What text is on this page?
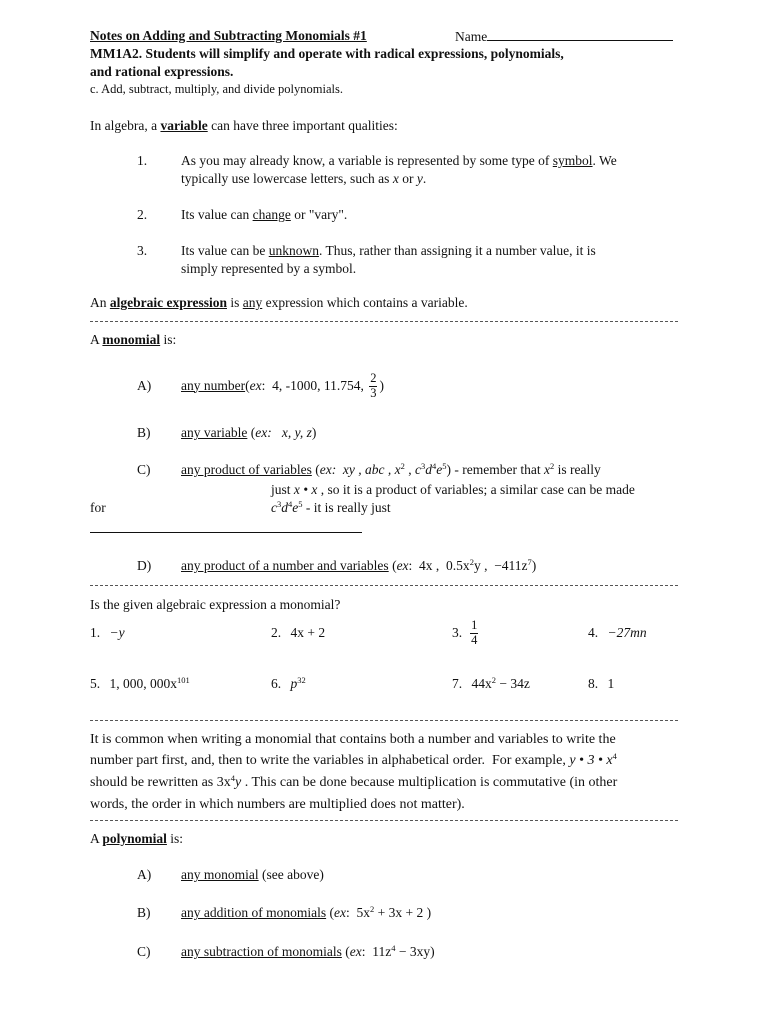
Notes on Adding and Subtracting Monomials #1	Name
MM1A2. Students will simplify and operate with radical expressions, polynomials,
and rational expressions.
c. Add, subtract, multiply, and divide polynomials.
In algebra, a variable can have three important qualities:
1.	As you may already know, a variable is represented by some type of symbol. We
typically use lowercase letters, such as x or y.
2.	Its value can change or "vary".
3.	Its value can be unknown. Thus, rather than assigning it a number value, it is
simply represented by a symbol.
An algebraic expression is any expression which contains a variable.
A monomial is:
A) any number ( ex :  4, -1000, 11.754, $\frac{2}{3}$ )
B) any variable (ex:   x, y, z)
C) any product of variables (ex:  xy , abc , $x^2$ , $c^3d^4e^5$) - remember that $x^2$ is really
just x • x , so it is a product of variables; a similar case can be made
for	$c^3d^4e^5$ - it is really just
D) any product of a number and variables (ex:  4x ,  $0.5x^2y$ ,  $-411z^7$)
Is the given algebraic expression a monomial?
1. −y	2. 4x + 2	3. $\frac{1}{4}$	4. −27mn
5. 1, 000, $000x^{101}$	6. $p^{32}$	7. $44x^2 - 34z$	8. 1
It is common when writing a monomial that contains both a number and variables to write the
number part first, and, then to write the variables in alphabetical order.  For example, y • 3 • $x^4$
should be rewritten as $3x^4y$ . This can be done because multiplication is commutative (in other
words, the order in which numbers are multiplied does not matter).
A polynomial is:
A) any monomial (see above)
B) any addition of monomials (ex:  $5x^2 + 3x + 2$ )
C) any subtraction of monomials (ex:  $11z^4 - 3xy$)
